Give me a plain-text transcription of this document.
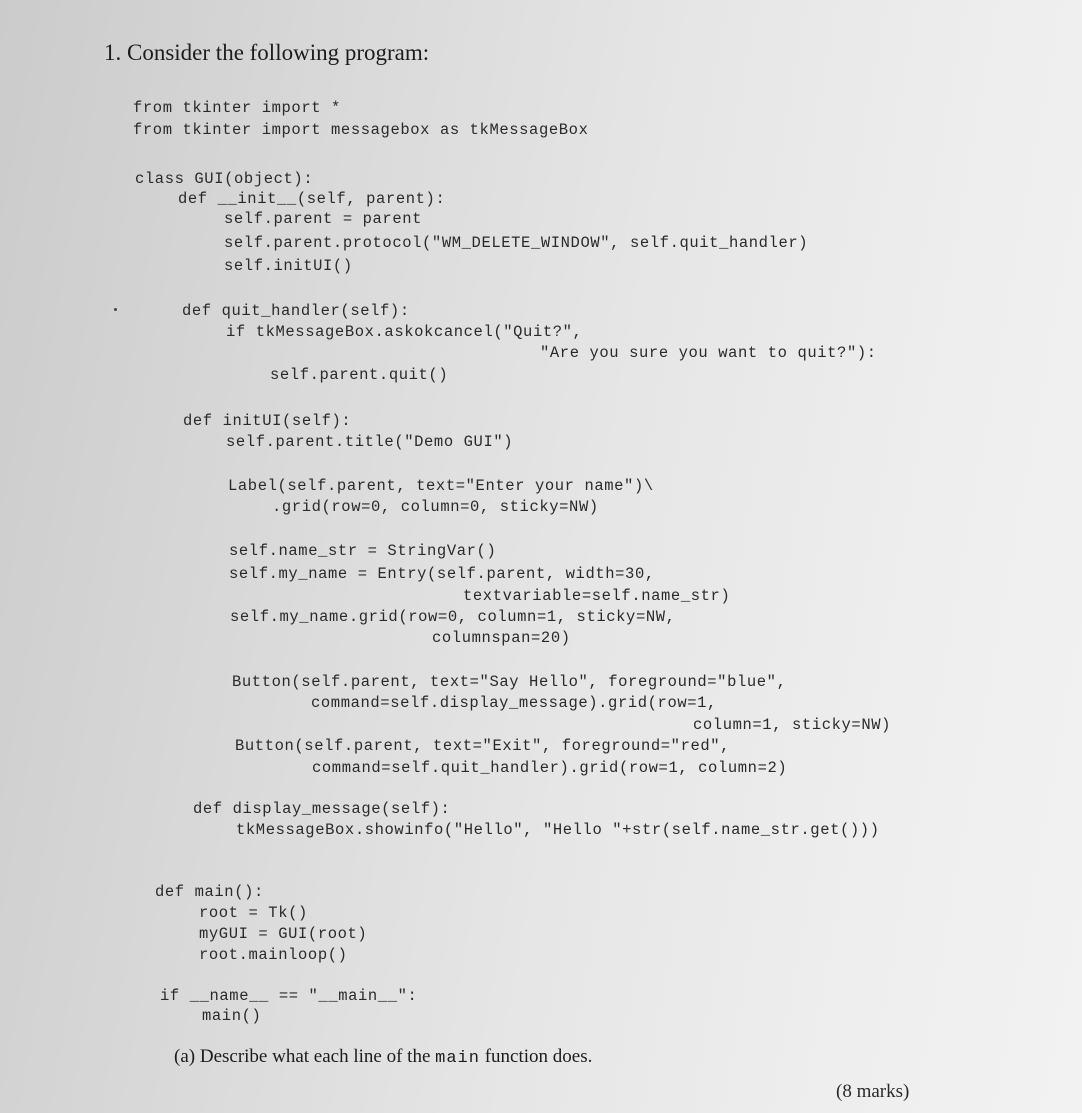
1. Consider the following program:
from tkinter import *
from tkinter import messagebox as tkMessageBox
class GUI(object):
def __init__(self, parent):
self.parent = parent
self.parent.protocol("WM_DELETE_WINDOW", self.quit_handler)
self.initUI()
def quit_handler(self):
if tkMessageBox.askokcancel("Quit?",
"Are you sure you want to quit?"):
self.parent.quit()
def initUI(self):
self.parent.title("Demo GUI")
Label(self.parent, text="Enter your name")\
.grid(row=0, column=0, sticky=NW)
self.name_str = StringVar()
self.my_name = Entry(self.parent, width=30,
textvariable=self.name_str)
self.my_name.grid(row=0, column=1, sticky=NW,
columnspan=20)
Button(self.parent, text="Say Hello", foreground="blue",
command=self.display_message).grid(row=1,
column=1, sticky=NW)
Button(self.parent, text="Exit", foreground="red",
command=self.quit_handler).grid(row=1, column=2)
def display_message(self):
tkMessageBox.showinfo("Hello", "Hello "+str(self.name_str.get()))
def main():
root = Tk()
myGUI = GUI(root)
root.mainloop()
if __name__ == "__main__":
main()
(a) Describe what each line of the main function does.
(8 marks)
